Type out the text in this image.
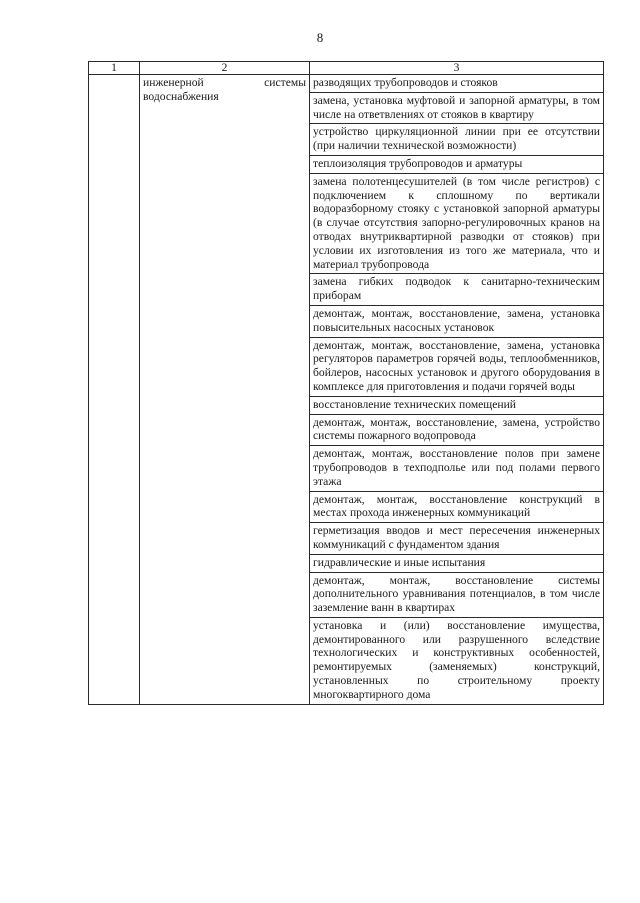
8
1	2	3
	инженерной системы водоснабжения	разводящих трубопроводов и стояков
		замена, установка муфтовой и запорной арматуры, в том числе на ответвлениях от стояков в квартиру
		устройство циркуляционной линии при ее отсутствии (при наличии технической возможности)
		теплоизоляция трубопроводов и арматуры
		замена полотенцесушителей (в том числе регистров) с подключением к сплошному по вертикали водоразборному стояку с установкой запорной арматуры (в случае отсутствия запорно-регулировочных кранов на отводах внутриквартирной разводки от стояков) при условии их изготовления из того же материала, что и материал трубопровода
		замена гибких подводок к санитарно-техническим приборам
		демонтаж, монтаж, восстановление, замена, установка повысительных насосных установок
		демонтаж, монтаж, восстановление, замена, установка регуляторов параметров горячей воды, теплообменников, бойлеров, насосных установок и другого оборудования в комплексе для приготовления и подачи горячей воды
		восстановление технических помещений
		демонтаж, монтаж, восстановление, замена, устройство системы пожарного водопровода
		демонтаж, монтаж, восстановление полов при замене трубопроводов в техподполье или под полами первого этажа
		демонтаж, монтаж, восстановление конструкций в местах прохода инженерных коммуникаций
		герметизация вводов и мест пересечения инженерных коммуникаций с фундаментом здания
		гидравлические и иные испытания
		демонтаж, монтаж, восстановление системы дополнительного уравнивания потенциалов, в том числе заземление ванн в квартирах
		установка и (или) восстановление имущества, демонтированного или разрушенного вследствие технологических и конструктивных особенностей, ремонтируемых (заменяемых) конструкций, установленных по строительному проекту многоквартирного дома
